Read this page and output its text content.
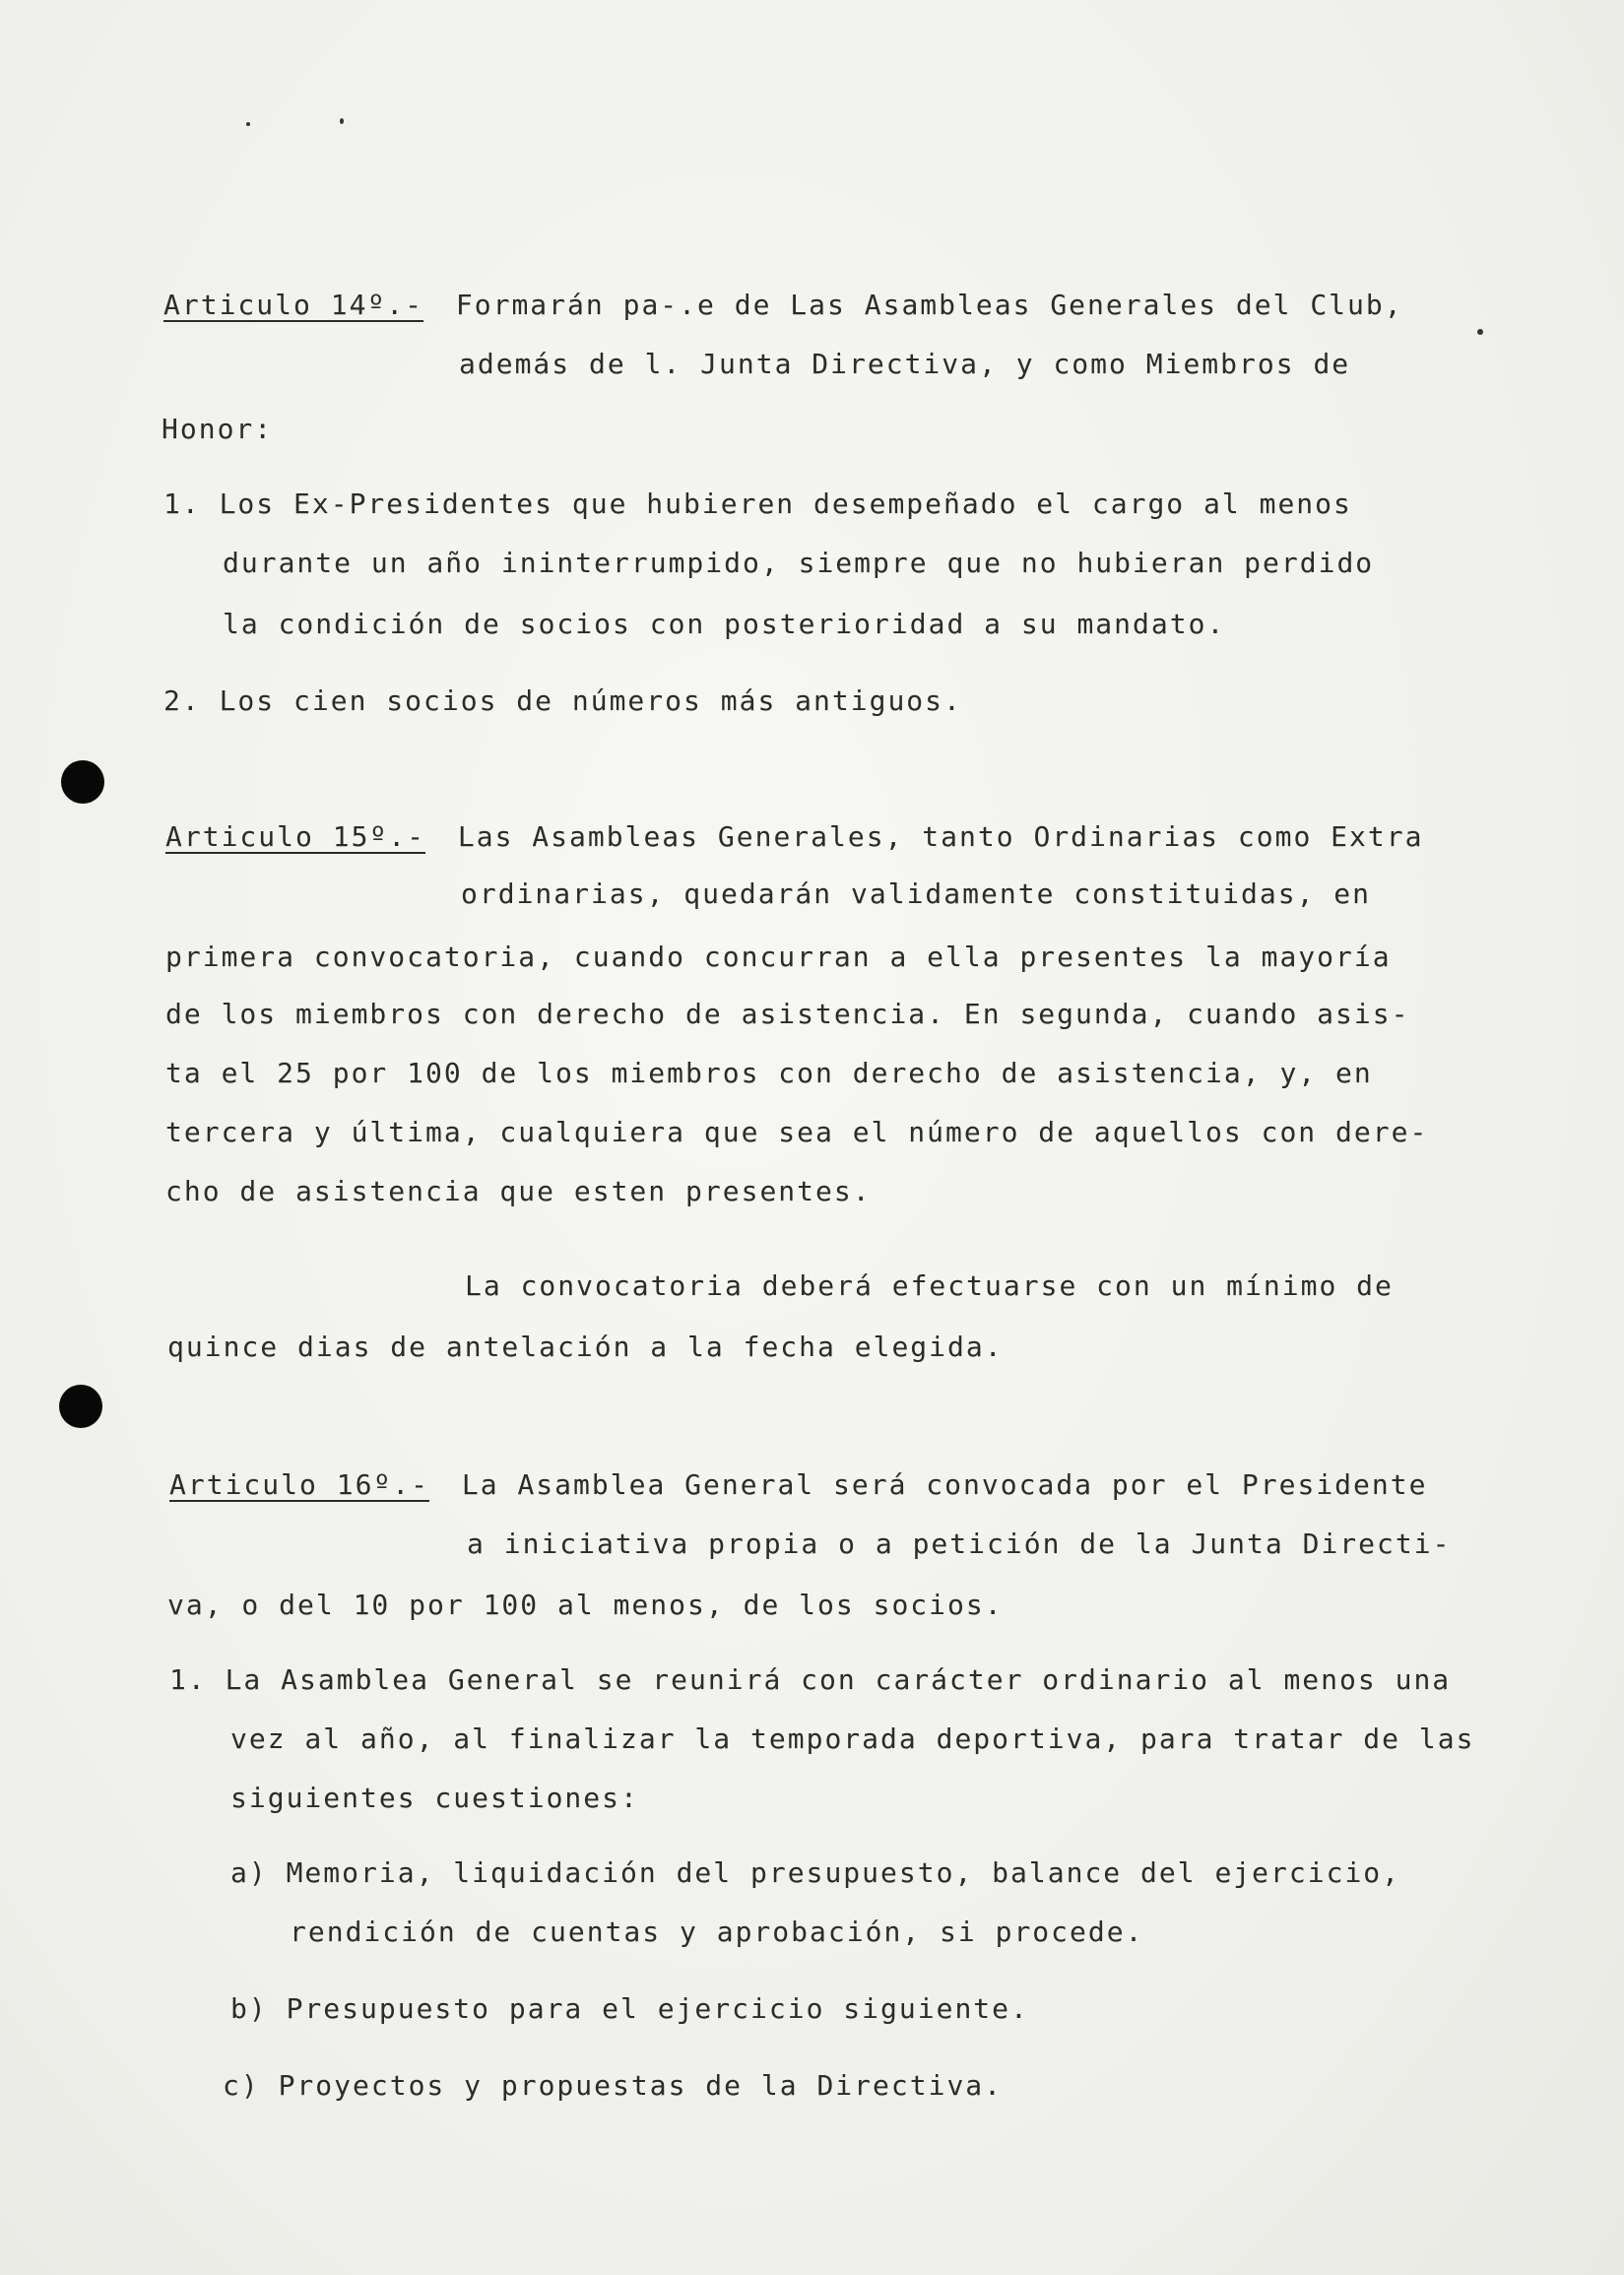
Articulo 14º.- Formarán pa-.e de Las Asambleas Generales del Club,
además de l. Junta Directiva, y como Miembros de
Honor:
1. Los Ex-Presidentes que hubieren desempeñado el cargo al menos
durante un año ininterrumpido, siempre que no hubieran perdido
la condición de socios con posterioridad a su mandato.
2. Los cien socios de números más antiguos.
Articulo 15º.- Las Asambleas Generales, tanto Ordinarias como Extra
ordinarias, quedarán validamente constituidas, en
primera convocatoria, cuando concurran a ella presentes la mayoría
de los miembros con derecho de asistencia. En segunda, cuando asis-
ta el 25 por 100 de los miembros con derecho de asistencia, y, en
tercera y última, cualquiera que sea el número de aquellos con dere-
cho de asistencia que esten presentes.
La convocatoria deberá efectuarse con un mínimo de
quince dias de antelación a la fecha elegida.
Articulo 16º.- La Asamblea General será convocada por el Presidente
a iniciativa propia o a petición de la Junta Directi-
va, o del 10 por 100 al menos, de los socios.
1. La Asamblea General se reunirá con carácter ordinario al menos una
vez al año, al finalizar la temporada deportiva, para tratar de las
siguientes cuestiones:
a) Memoria, liquidación del presupuesto, balance del ejercicio,
rendición de cuentas y aprobación, si procede.
b) Presupuesto para el ejercicio siguiente.
c) Proyectos y propuestas de la Directiva.
